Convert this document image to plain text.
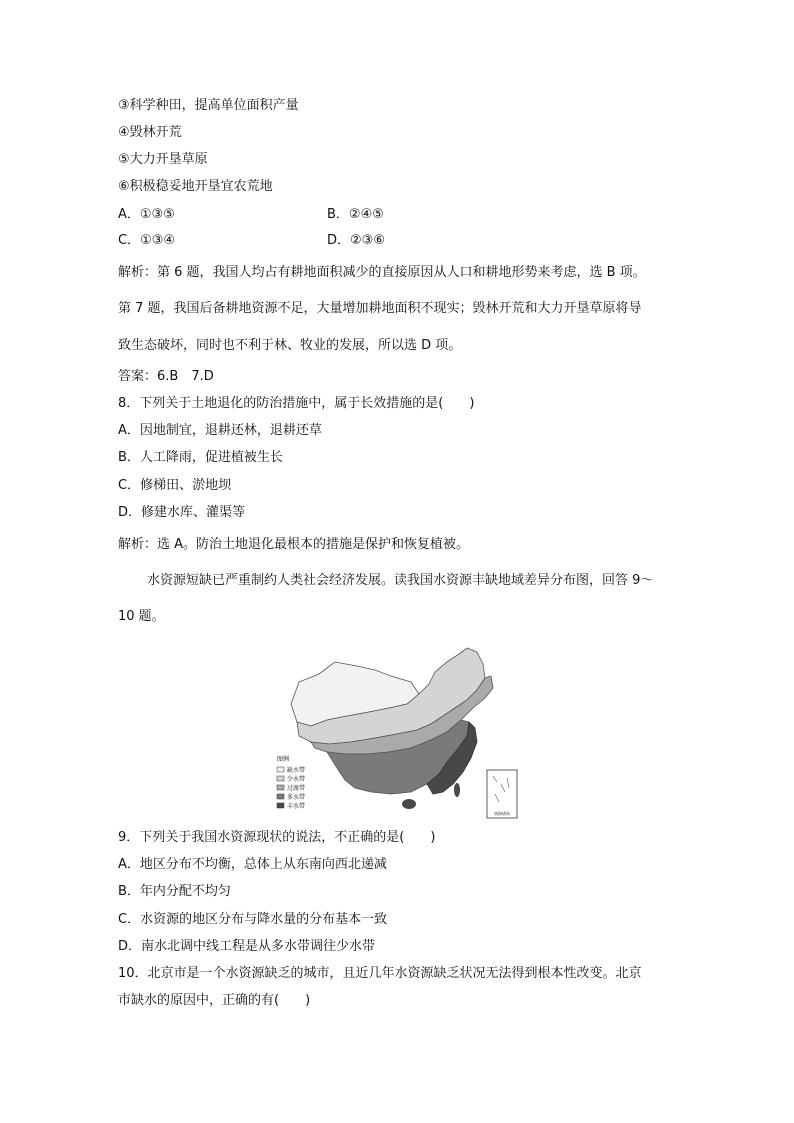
③科学种田，提高单位面积产量
④毁林开荒
⑤大力开垦草原
⑥积极稳妥地开垦宜农荒地
A．①③⑤	B．②④⑤
C．①③④	D．②③⑥
解析：第 6 题，我国人均占有耕地面积减少的直接原因从人口和耕地形势来考虑，选 B 项。
第 7 题，我国后备耕地资源不足，大量增加耕地面积不现实；毁林开荒和大力开垦草原将导
致生态破坏，同时也不利于林、牧业的发展，所以选 D 项。
答案：6.B　7.D
8．下列关于土地退化的防治措施中，属于长效措施的是(　　)
A．因地制宜，退耕还林，退耕还草
B．人工降雨，促进植被生长
C．修梯田、淤地坝
D．修建水库、灌渠等
解析：选 A。防治土地退化最根本的措施是保护和恢复植被。
水资源短缺已严重制约人类社会经济发展。读我国水资源丰缺地域差异分布图，回答 9～
10 题。
南海诸岛
图例
缺水带
少水带
过渡带
多水带
丰水带
9．下列关于我国水资源现状的说法，不正确的是(　　)
A．地区分布不均衡，总体上从东南向西北递减
B．年内分配不均匀
C．水资源的地区分布与降水量的分布基本一致
D．南水北调中线工程是从多水带调往少水带
10．北京市是一个水资源缺乏的城市，且近几年水资源缺乏状况无法得到根本性改变。北京
市缺水的原因中，正确的有(　　)
